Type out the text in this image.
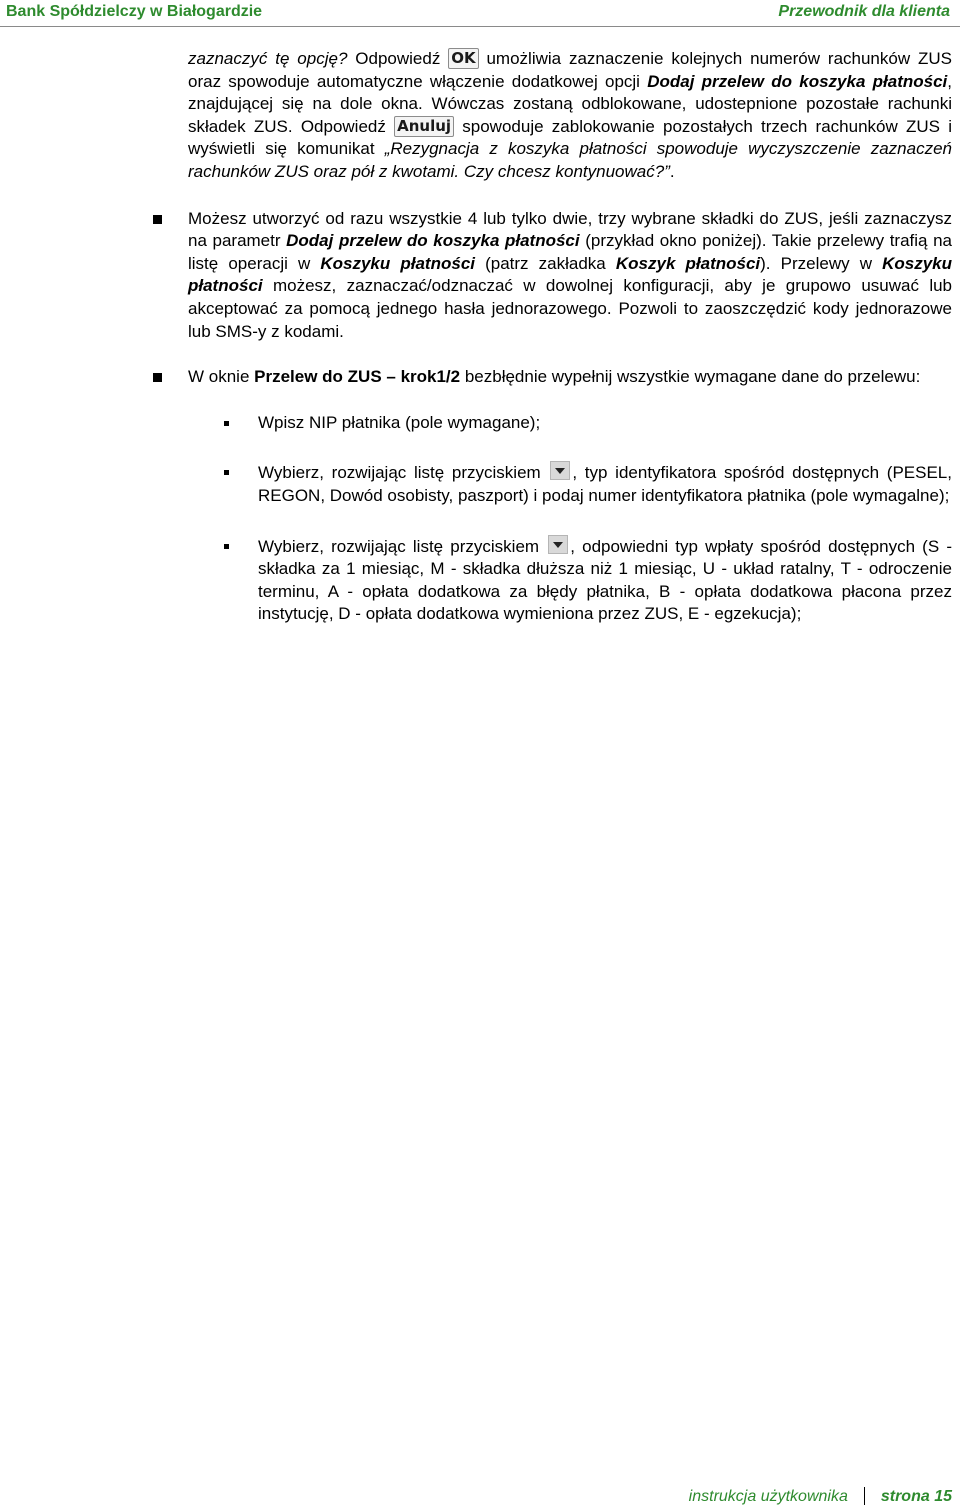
Bank Spółdzielczy w Białogardzie	Przewodnik dla klienta

zaznaczyć tę opcję? Odpowiedź OK umożliwia zaznaczenie kolejnych numerów rachunków ZUS oraz spowoduje automatyczne włączenie dodatkowej opcji Dodaj przelew do koszyka płatności, znajdującej się na dole okna. Wówczas zostaną odblokowane, udostepnione pozostałe rachunki składek ZUS. Odpowiedź Anuluj spowoduje zablokowanie pozostałych trzech rachunków ZUS i wyświetli się komunikat „Rezygnacja z koszyka płatności spowoduje wyczyszczenie zaznaczeń rachunków ZUS oraz pół z kwotami. Czy chcesz kontynuować?”.

Możesz utworzyć od razu wszystkie 4 lub tylko dwie, trzy wybrane składki do ZUS, jeśli zaznaczysz na parametr Dodaj przelew do koszyka płatności (przykład okno poniżej). Takie przelewy trafią na listę operacji w Koszyku płatności (patrz zakładka Koszyk płatności). Przelewy w Koszyku płatności możesz, zaznaczać/odznaczać w dowolnej konfiguracji, aby je grupowo usuwać lub akceptować za pomocą jednego hasła jednorazowego. Pozwoli to zaoszczędzić kody jednorazowe lub SMS-y z kodami.

W oknie Przelew do ZUS – krok1/2 bezbłędnie wypełnij wszystkie wymagane dane do przelewu:

Wpisz NIP płatnika (pole wymagane);

Wybierz, rozwijając listę przyciskiem , typ identyfikatora spośród dostępnych (PESEL, REGON, Dowód osobisty, paszport) i podaj numer identyfikatora płatnika (pole wymagalne);

Wybierz, rozwijając listę przyciskiem , odpowiedni typ wpłaty spośród dostępnych (S -składka za 1 miesiąc, M - składka dłuższa niż 1 miesiąc, U - układ ratalny, T - odroczenie terminu, A - opłata dodatkowa za błędy płatnika, B - opłata dodatkowa płacona przez instytucję, D - opłata dodatkowa wymieniona przez ZUS, E - egzekucja);

instrukcja użytkownika strona 15
